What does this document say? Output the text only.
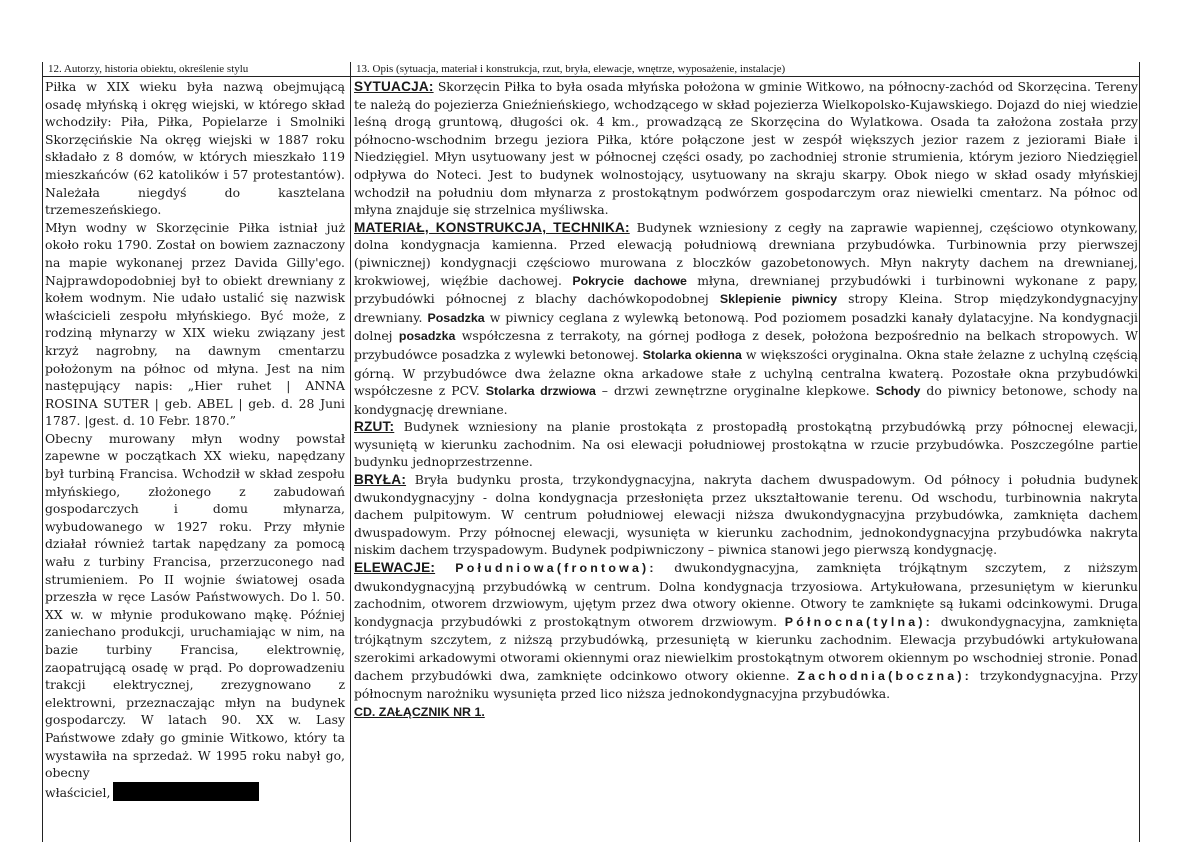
12. Autorzy, historia obiektu, określenie stylu	13. Opis (sytuacja, materiał i konstrukcja, rzut, bryła, elewacje, wnętrze, wyposażenie, instalacje)

Piłka w XIX wieku była nazwą obejmującą osadę młyńską i okręg wiejski, w którego skład wchodziły: Piła, Piłka, Popielarze i Smolniki Skorzęcińskie Na okręg wiejski w 1887 roku składało z 8 domów, w których mieszkało 119 mieszkańców (62 katolików i 57 protestantów). Należała niegdyś do kasztelana trzemeszeńskiego.

Młyn wodny w Skorzęcinie Piłka istniał już około roku 1790. Został on bowiem zaznaczony na mapie wykonanej przez Davida Gilly'ego. Najprawdopodobniej był to obiekt drewniany z kołem wodnym. Nie udało ustalić się nazwisk właścicieli zespołu młyńskiego. Być może, z rodziną młynarzy w XIX wieku związany jest krzyż nagrobny, na dawnym cmentarzu położonym na północ od młyna. Jest na nim następujący napis: „Hier ruhet | ANNA ROSINA SUTER | geb. ABEL | geb. d. 28 Juni 1787. |gest. d. 10 Febr. 1870.”

Obecny murowany młyn wodny powstał zapewne w początkach XX wieku, napędzany był turbiną Francisa. Wchodził w skład zespołu młyńskiego, złożonego z zabudowań gospodarczych i domu młynarza, wybudowanego w 1927 roku. Przy młynie działał również tartak napędzany za pomocą wału z turbiny Francisa, przerzuconego nad strumieniem. Po II wojnie światowej osada przeszła w ręce Lasów Państwowych. Do l. 50. XX w. w młynie produkowano mąkę. Później zaniechano produkcji, uruchamiając w nim, na bazie turbiny Francisa, elektrownię, zaopatrującą osadę w prąd. Po doprowadzeniu trakcji elektrycznej, zrezygnowano z elektrowni, przeznaczając młyn na budynek gospodarczy. W latach 90. XX w. Lasy Państwowe zdały go gminie Witkowo, który ta wystawiła na sprzedaż. W 1995 roku nabył go, obecny

właściciel,

SYTUACJA: Skorzęcin Piłka to była osada młyńska położona w gminie Witkowo, na północny-zachód od Skorzęcina. Tereny te należą do pojezierza Gnieźnieńskiego, wchodzącego w skład pojezierza Wielkopolsko-Kujawskiego. Dojazd do niej wiedzie leśną drogą gruntową, długości ok. 4 km., prowadzącą ze Skorzęcina do Wylatkowa. Osada ta założona została przy północno-wschodnim brzegu jeziora Piłka, które połączone jest w zespół większych jezior razem z jeziorami Białe i Niedzięgiel. Młyn usytuowany jest w północnej części osady, po zachodniej stronie strumienia, którym jezioro Niedzięgiel odpływa do Noteci. Jest to budynek wolnostojący, usytuowany na skraju skarpy. Obok niego w skład osady młyńskiej wchodził na południu dom młynarza z prostokątnym podwórzem gospodarczym oraz niewielki cmentarz. Na północ od młyna znajduje się strzelnica myśliwska.

MATERIAŁ, KONSTRUKCJA, TECHNIKA: Budynek wzniesiony z cegły na zaprawie wapiennej, częściowo otynkowany, dolna kondygnacja kamienna. Przed elewacją południową drewniana przybudówka. Turbinownia przy pierwszej (piwnicznej) kondygnacji częściowo murowana z bloczków gazobetonowych. Młyn nakryty dachem na drewnianej, krokwiowej, więźbie dachowej. Pokrycie dachowe młyna, drewnianej przybudówki i turbinowni wykonane z papy, przybudówki północnej z blachy dachówkopodobnej Sklepienie piwnicy stropy Kleina. Strop międzykondygnacyjny drewniany. Posadzka w piwnicy ceglana z wylewką betonową. Pod poziomem posadzki kanały dylatacyjne. Na kondygnacji dolnej posadzka współczesna z terrakoty, na górnej podłoga z desek, położona bezpośrednio na belkach stropowych. W przybudówce posadzka z wylewki betonowej. Stolarka okienna w większości oryginalna. Okna stałe żelazne z uchylną częścią górną. W przybudówce dwa żelazne okna arkadowe stałe z uchylną centralna kwaterą. Pozostałe okna przybudówki współczesne z PCV. Stolarka drzwiowa – drzwi zewnętrzne oryginalne klepkowe. Schody do piwnicy betonowe, schody na kondygnację drewniane.

RZUT: Budynek wzniesiony na planie prostokąta z prostopadłą prostokątną przybudówką przy północnej elewacji, wysuniętą w kierunku zachodnim. Na osi elewacji południowej prostokątna w rzucie przybudówka. Poszczególne partie budynku jednoprzestrzenne.

BRYŁA: Bryła budynku prosta, trzykondygnacyjna, nakryta dachem dwuspadowym. Od północy i południa budynek dwukondygnacyjny - dolna kondygnacja przesłonięta przez ukształtowanie terenu. Od wschodu, turbinownia nakryta dachem pulpitowym. W centrum południowej elewacji niższa dwukondygnacyjna przybudówka, zamknięta dachem dwuspadowym. Przy północnej elewacji, wysunięta w kierunku zachodnim, jednokondygnacyjna przybudówka nakryta niskim dachem trzyspadowym. Budynek podpiwniczony – piwnica stanowi jego pierwszą kondygnację.

ELEWACJE: Południowa(frontowa): dwukondygnacyjna, zamknięta trójkątnym szczytem, z niższym dwukondygnacyjną przybudówką w centrum. Dolna kondygnacja trzyosiowa. Artykułowana, przesuniętym w kierunku zachodnim, otworem drzwiowym, ujętym przez dwa otwory okienne. Otwory te zamknięte są łukami odcinkowymi. Druga kondygnacja przybudówki z prostokątnym otworem drzwiowym. Północna(tylna): dwukondygnacyjna, zamknięta trójkątnym szczytem, z niższą przybudówką, przesuniętą w kierunku zachodnim. Elewacja przybudówki artykułowana szerokimi arkadowymi otworami okiennymi oraz niewielkim prostokątnym otworem okiennym po wschodniej stronie. Ponad dachem przybudówki dwa, zamknięte odcinkowo otwory okienne. Zachodnia(boczna): trzykondygnacyjna. Przy północnym narożniku wysunięta przed lico niższa jednokondygnacyjna przybudówka.

CD. ZAŁĄCZNIK NR 1.
